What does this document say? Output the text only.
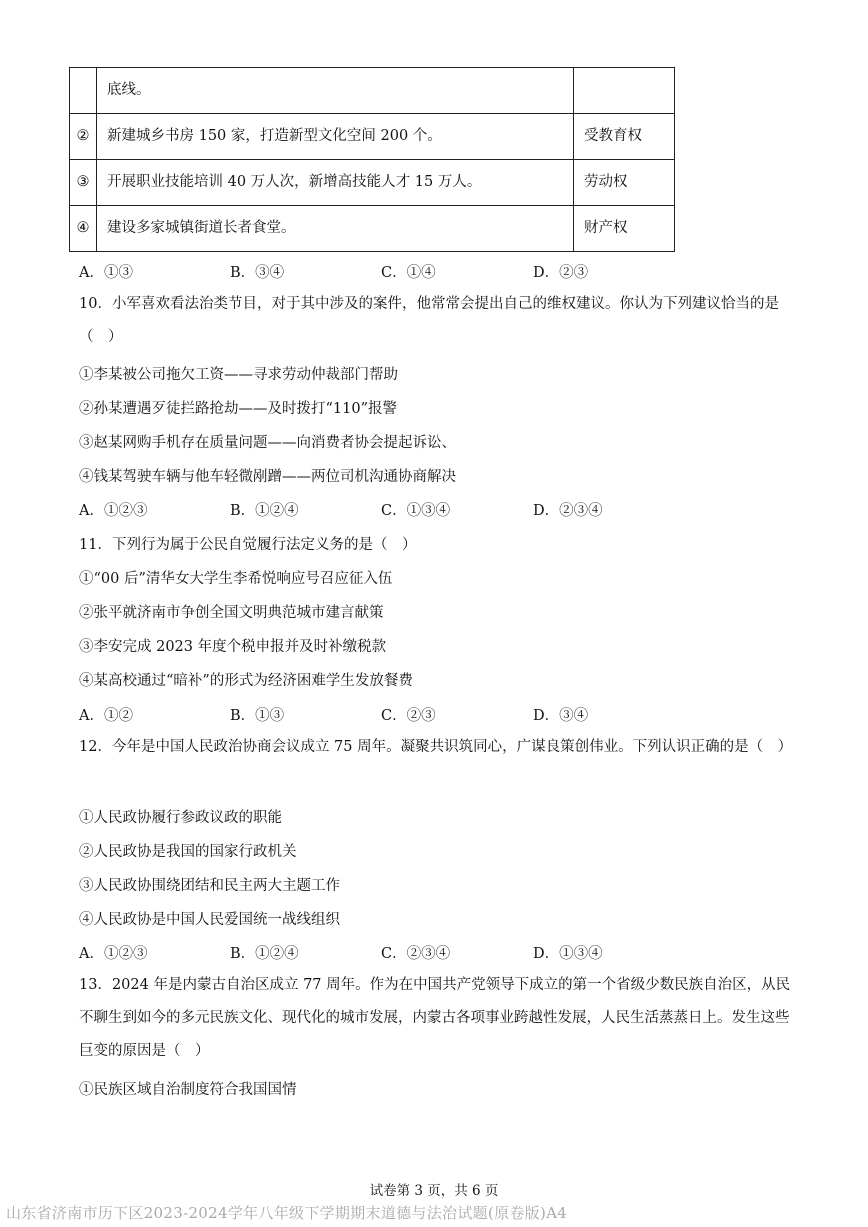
	底线。	
②	新建城乡书房 150 家，打造新型文化空间 200 个。	受教育权
③	开展职业技能培训 40 万人次，新增高技能人才 15 万人。	劳动权
④	建设多家城镇街道长者食堂。	财产权
A．①③	B．③④	C．①④	D．②③
10．小军喜欢看法治类节目，对于其中涉及的案件，他常常会提出自己的维权建议。你认为下列建议恰当的是（　）
①李某被公司拖欠工资——寻求劳动仲裁部门帮助
②孙某遭遇歹徒拦路抢劫——及时拨打“110”报警
③赵某网购手机存在质量问题——向消费者协会提起诉讼、
④钱某驾驶车辆与他车轻微剐蹭——两位司机沟通协商解决
A．①②③	B．①②④	C．①③④	D．②③④
11．下列行为属于公民自觉履行法定义务的是（　）
①“00 后”清华女大学生李希悦响应号召应征入伍
②张平就济南市争创全国文明典范城市建言献策
③李安完成 2023 年度个税申报并及时补缴税款
④某高校通过“暗补”的形式为经济困难学生发放餐费
A．①②	B．①③	C．②③	D．③④
12．今年是中国人民政治协商会议成立 75 周年。凝聚共识筑同心，广谋良策创伟业。下列认识正确的是（　）
①人民政协履行参政议政的职能
②人民政协是我国的国家行政机关
③人民政协围绕团结和民主两大主题工作
④人民政协是中国人民爱国统一战线组织
A．①②③	B．①②④	C．②③④	D．①③④
13．2024 年是内蒙古自治区成立 77 周年。作为在中国共产党领导下成立的第一个省级少数民族自治区，从民不聊生到如今的多元民族文化、现代化的城市发展，内蒙古各项事业跨越性发展，人民生活蒸蒸日上。发生这些巨变的原因是（　）
①民族区域自治制度符合我国国情
试卷第 3 页，共 6 页
山东省济南市历下区2023-2024学年八年级下学期期末道德与法治试题(原卷版)A4
